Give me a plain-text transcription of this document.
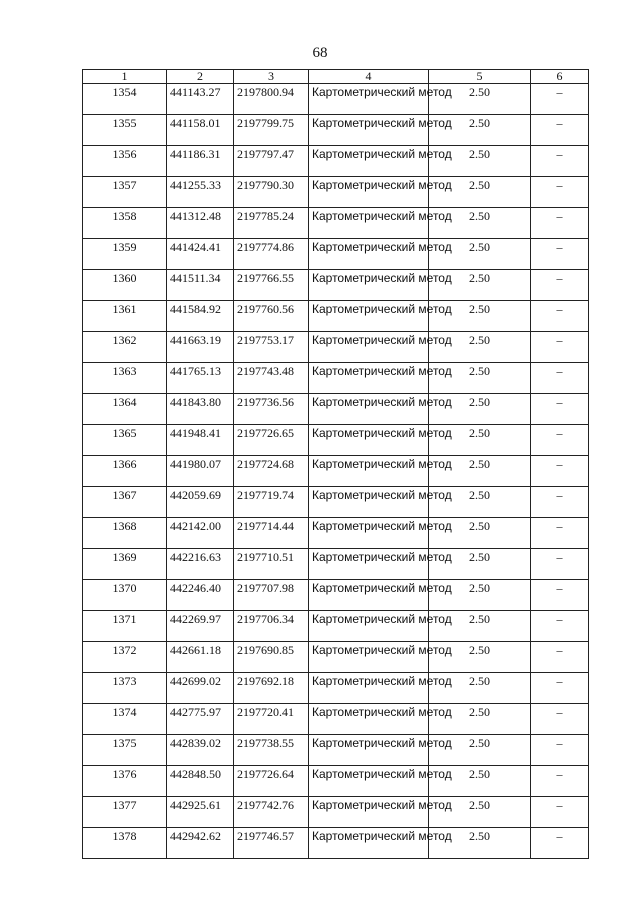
68
1	2	3	4	5	6
1354	441143.27	2197800.94	Картометрический метод	2.50	–
1355	441158.01	2197799.75	Картометрический метод	2.50	–
1356	441186.31	2197797.47	Картометрический метод	2.50	–
1357	441255.33	2197790.30	Картометрический метод	2.50	–
1358	441312.48	2197785.24	Картометрический метод	2.50	–
1359	441424.41	2197774.86	Картометрический метод	2.50	–
1360	441511.34	2197766.55	Картометрический метод	2.50	–
1361	441584.92	2197760.56	Картометрический метод	2.50	–
1362	441663.19	2197753.17	Картометрический метод	2.50	–
1363	441765.13	2197743.48	Картометрический метод	2.50	–
1364	441843.80	2197736.56	Картометрический метод	2.50	–
1365	441948.41	2197726.65	Картометрический метод	2.50	–
1366	441980.07	2197724.68	Картометрический метод	2.50	–
1367	442059.69	2197719.74	Картометрический метод	2.50	–
1368	442142.00	2197714.44	Картометрический метод	2.50	–
1369	442216.63	2197710.51	Картометрический метод	2.50	–
1370	442246.40	2197707.98	Картометрический метод	2.50	–
1371	442269.97	2197706.34	Картометрический метод	2.50	–
1372	442661.18	2197690.85	Картометрический метод	2.50	–
1373	442699.02	2197692.18	Картометрический метод	2.50	–
1374	442775.97	2197720.41	Картометрический метод	2.50	–
1375	442839.02	2197738.55	Картометрический метод	2.50	–
1376	442848.50	2197726.64	Картометрический метод	2.50	–
1377	442925.61	2197742.76	Картометрический метод	2.50	–
1378	442942.62	2197746.57	Картометрический метод	2.50	–
